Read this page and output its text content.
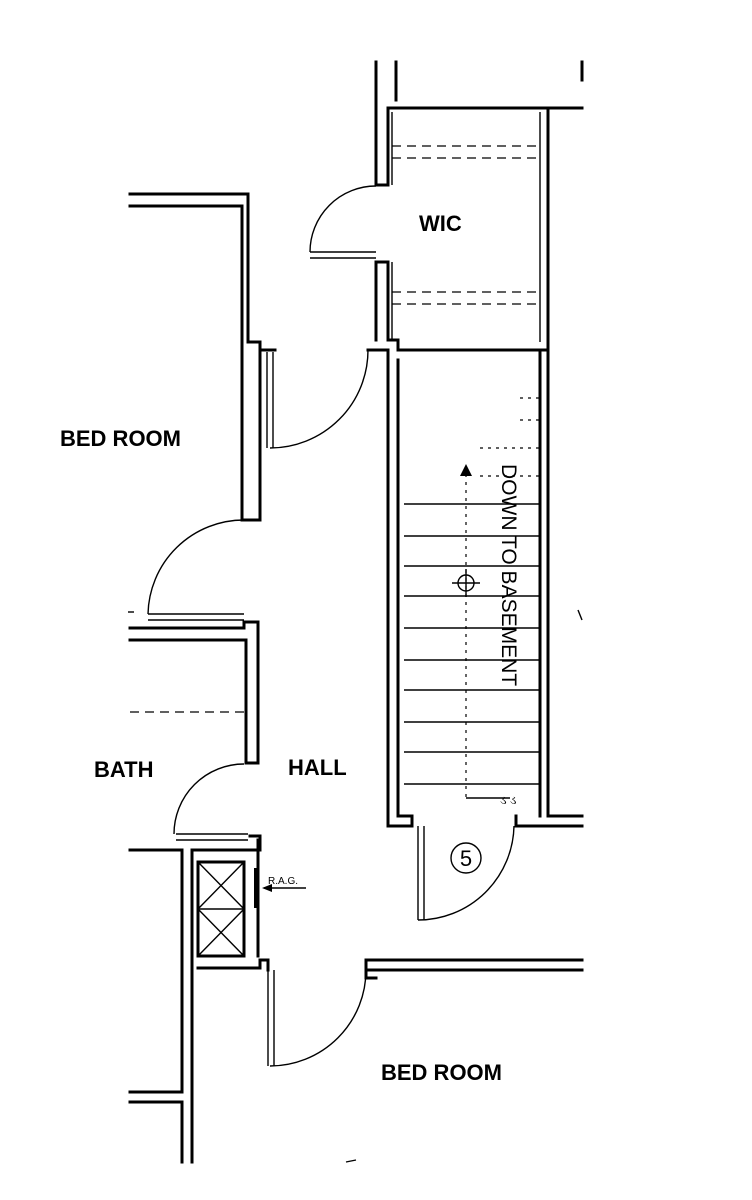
R.A.G.
ડ ડ
DOWN TO BASEMENT
5
WIC
BED ROOM
BATH	HALL
BED ROOM
